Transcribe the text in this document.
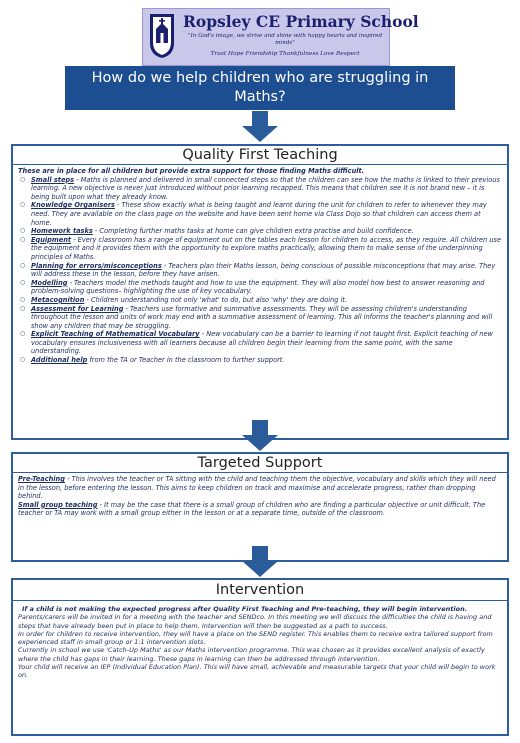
Ropsley CE Primary School
"In God's image, we strive and shine with happy hearts and inspired minds"
Trust Hope Friendship Thankfulness Love Respect
How do we help children who are struggling in Maths?
Quality First Teaching

These are in place for all children but provide extra support for those finding Maths difficult.

○ Small steps - Maths is planned and delivered in small connected steps so that the children can see how the maths is linked to their previous learning. A new objective is never just introduced without prior learning recapped. This means that children see it is not brand new – it is being built upon what they already know.
○ Knowledge Organisers - These show exactly what is being taught and learnt during the unit for children to refer to whenever they may need. They are available on the class page on the website and have been sent home via Class Dojo so that children can access them at home.
○ Homework tasks - Completing further maths tasks at home can give children extra practise and build confidence.
○ Equipment - Every classroom has a range of equipment out on the tables each lesson for children to access, as they require. All children use the equipment and it provides them with the opportunity to explore maths practically, allowing them to make sense of the underpinning principles of Maths.
○ Planning for errors/misconceptions - Teachers plan their Maths lesson, being conscious of possible misconceptions that may arise. They will address these in the lesson, before they have arisen.
○ Modelling - Teachers model the methods taught and how to use the equipment. They will also model how best to answer reasoning and problem-solving questions– highlighting the use of key vocabulary.
○ Metacognition - Children understanding not only 'what' to do, but also 'why' they are doing it.
○ Assessment for Learning - Teachers use formative and summative assessments. They will be assessing children's understanding throughout the lesson and units of work may end with a summative assessment of learning. This all informs the teacher's planning and will show any children that may be struggling.
○ Explicit Teaching of Mathematical Vocabulary - New vocabulary can be a barrier to learning if not taught first. Explicit teaching of new vocabulary ensures inclusiveness with all learners because all children begin their learning from the same point, with the same understanding.
○ Additional help from the TA or Teacher in the classroom to further support.
Targeted Support

Pre-Teaching - This involves the teacher or TA sitting with the child and teaching them the objective, vocabulary and skills which they will need in the lesson, before entering the lesson. This aims to keep children on track and maximise and accelerate progress, rather than dropping behind.

Small group teaching - It may be the case that there is a small group of children who are finding a particular objective or unit difficult. The teacher or TA may work with a small group either in the lesson or at a separate time, outside of the classroom.

Intervention

If a child is not making the expected progress after Quality First Teaching and Pre-teaching, they will begin intervention.

Parents/carers will be invited in for a meeting with the teacher and SENDco. In this meeting we will discuss the difficulties the child is having and steps that have already been put in place to help them. Intervention will then be suggested as a path to success.

In order for children to receive intervention, they will have a place on the SEND register. This enables them to receive extra tailored support from experienced staff in small group or 1:1 intervention slots.

Currently in school we use 'Catch-Up Maths' as our Maths intervention programme. This was chosen as it provides excellent analysis of exactly where the child has gaps in their learning. These gaps in learning can then be addressed through intervention.

Your child will receive an IEP (Individual Education Plan). This will have small, achievable and measurable targets that your child will begin to work on.
